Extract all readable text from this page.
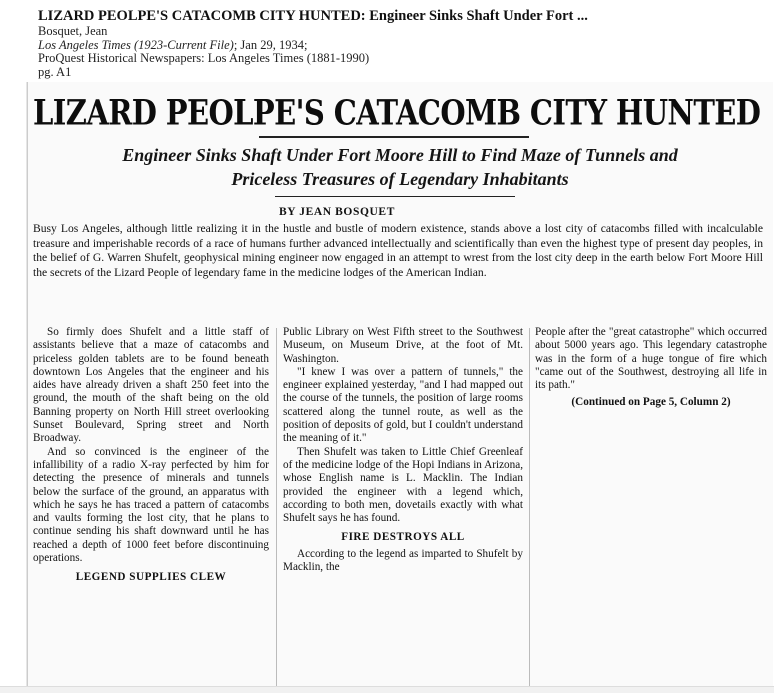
LIZARD PEOLPE'S CATACOMB CITY HUNTED: Engineer Sinks Shaft Under Fort ...
Bosquet, Jean
Los Angeles Times (1923-Current File); Jan 29, 1934;
ProQuest Historical Newspapers: Los Angeles Times (1881-1990)
pg. A1
LIZARD PEOLPE'S CATACOMB CITY HUNTED
Engineer Sinks Shaft Under Fort Moore Hill to Find Maze of Tunnels and
Priceless Treasures of Legendary Inhabitants
BY JEAN BOSQUET
Busy Los Angeles, although little realizing it in the hustle and bustle of modern existence, stands above a lost city of catacombs filled with incalculable treasure and imperishable records of a race of humans further advanced intellectually and scientifically than even the highest type of present day peoples, in the belief of G. Warren Shufelt, geophysical mining engineer now engaged in an attempt to wrest from the lost city deep in the earth below Fort Moore Hill the secrets of the Lizard People of legendary fame in the medicine lodges of the American Indian.

So firmly does Shufelt and a little staff of assistants believe that a maze of catacombs and priceless golden tablets are to be found beneath downtown Los Angeles that the engineer and his aides have already driven a shaft 250 feet into the ground, the mouth of the shaft being on the old Banning property on North Hill street overlooking Sunset Boulevard, Spring street and North Broadway.

And so convinced is the engineer of the infallibility of a radio X-ray perfected by him for detecting the presence of minerals and tunnels below the surface of the ground, an apparatus with which he says he has traced a pattern of catacombs and vaults forming the lost city, that he plans to continue sending his shaft downward until he has reached a depth of 1000 feet before discontinuing operations.

LEGEND SUPPLIES CLEW

Public Library on West Fifth street to the Southwest Museum, on Museum Drive, at the foot of Mt. Washington.

"I knew I was over a pattern of tunnels," the engineer explained yesterday, "and I had mapped out the course of the tunnels, the position of large rooms scattered along the tunnel route, as well as the position of deposits of gold, but I couldn't understand the meaning of it."

Then Shufelt was taken to Little Chief Greenleaf of the medicine lodge of the Hopi Indians in Arizona, whose English name is L. Macklin. The Indian provided the engineer with a legend which, according to both men, dovetails exactly with what Shufelt says he has found.

FIRE DESTROYS ALL

According to the legend as imparted to Shufelt by Macklin, the

People after the "great catastrophe" which occurred about 5000 years ago. This legendary catastrophe was in the form of a huge tongue of fire which "came out of the Southwest, destroying all life in its path."

(Continued on Page 5, Column 2)
